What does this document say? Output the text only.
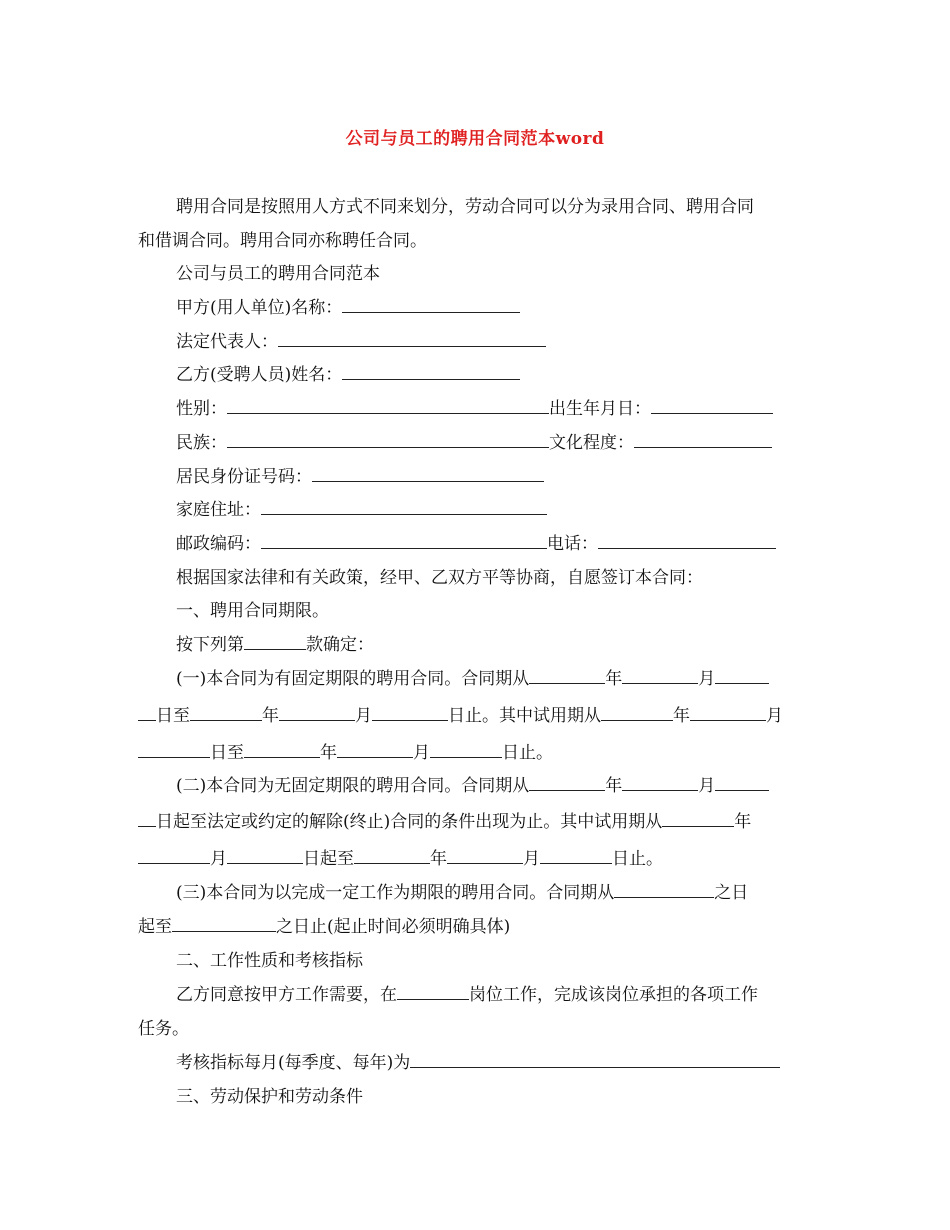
公司与员工的聘用合同范本word
聘用合同是按照用人方式不同来划分，劳动合同可以分为录用合同、聘用合同
和借调合同。聘用合同亦称聘任合同。
公司与员工的聘用合同范本
甲方(用人单位)名称：
法定代表人：
乙方(受聘人员)姓名：
性别：	出生年月日：
民族：	文化程度：
居民身份证号码：
家庭住址：
邮政编码：	电话：
根据国家法律和有关政策，经甲、乙双方平等协商，自愿签订本合同：
一、聘用合同期限。
按下列第	款确定：
(一)本合同为有固定期限的聘用合同。合同期从	年	月
日至	年	月	日止。其中试用期从	年	月
日至	年	月	日止。
(二)本合同为无固定期限的聘用合同。合同期从	年	月
日起至法定或约定的解除(终止)合同的条件出现为止。其中试用期从	年
月	日起至	年	月	日止。
(三)本合同为以完成一定工作为期限的聘用合同。合同期从	之日
起至	之日止(起止时间必须明确具体)
二、工作性质和考核指标
乙方同意按甲方工作需要，在	岗位工作，完成该岗位承担的各项工作
任务。
考核指标每月(每季度、每年)为
三、劳动保护和劳动条件
